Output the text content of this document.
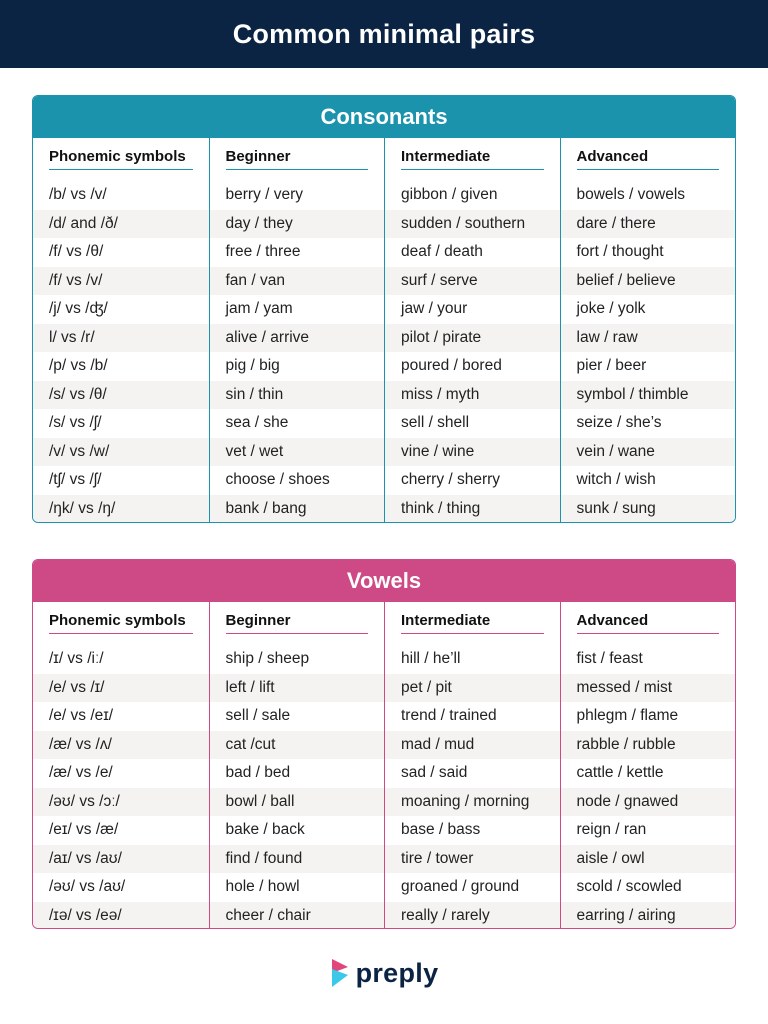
Common minimal pairs
Consonants
Phonemic symbols
/b/ vs /v/
/d/ and /ð/
/f/ vs /θ/
/f/ vs /v/
/j/ vs /ʤ/
l/ vs /r/
/p/ vs /b/
/s/ vs /θ/
/s/ vs /ʃ/
/v/ vs /w/
/tʃ/ vs /ʃ/
/ŋk/ vs /ŋ/
Beginner
berry / very
day / they
free / three
fan / van
jam / yam
alive / arrive
pig / big
sin / thin
sea / she
vet / wet
choose / shoes
bank / bang
Intermediate
gibbon / given
sudden / southern
deaf / death
surf / serve
jaw / your
pilot / pirate
poured / bored
miss / myth
sell / shell
vine / wine
cherry / sherry
think / thing
Advanced
bowels / vowels
dare / there
fort / thought
belief / believe
joke / yolk
law / raw
pier / beer
symbol / thimble
seize / she’s
vein / wane
witch / wish
sunk / sung
Vowels
Phonemic symbols
/ɪ/ vs /iː/
/e/ vs /ɪ/
/e/ vs /eɪ/
/æ/ vs /ʌ/
/æ/ vs /e/
/əʊ/ vs /ɔː/
/eɪ/ vs /æ/
/aɪ/ vs /aʊ/
/əʊ/ vs /aʊ/
/ɪə/ vs /eə/
Beginner
ship / sheep
left / lift
sell / sale
cat /cut
bad / bed
bowl / ball
bake / back
find / found
hole / howl
cheer / chair
Intermediate
hill / he’ll
pet / pit
trend / trained
mad / mud
sad / said
moaning / morning
base / bass
tire / tower
groaned / ground
really / rarely
Advanced
fist / feast
messed / mist
phlegm / flame
rabble / rubble
cattle / kettle
node / gnawed
reign / ran
aisle / owl
scold / scowled
earring / airing
preply
